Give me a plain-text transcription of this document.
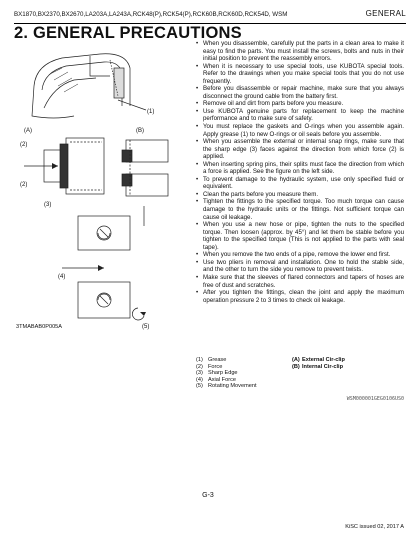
BX1870,BX2370,BX2670,LA203A,LA243A,RCK48(P),RCK54(P),RCK60B,RCK60D,RCK54D, WSM	GENERAL
2. GENERAL PRECAUTIONS
(1)
(A)	(B)
(2)
(2)
(3)
(4)
(5)
3TMABAB0P005A
• When you disassemble, carefully put the parts in a clean area to make it easy to find the parts. You must install the screws, bolts and nuts in their initial position to prevent the reassembly errors.
• When it is necessary to use special tools, use KUBOTA special tools. Refer to the drawings when you make special tools that you do not use frequently.
• Before you disassemble or repair machine, make sure that you always disconnect the ground cable from the battery first.
• Remove oil and dirt from parts before you measure.
• Use KUBOTA genuine parts for replacement to keep the machine performance and to make sure of safety.
• You must replace the gaskets and O-rings when you assemble again. Apply grease (1) to new O-rings or oil seals before you assemble.
• When you assemble the external or internal snap rings, make sure that the sharp edge (3) faces against the direction from which force (2) is applied.
• When inserting spring pins, their splits must face the direction from which a force is applied. See the figure on the left side.
• To prevent damage to the hydraulic system, use only specified fluid or equivalent.
• Clean the parts before you measure them.
• Tighten the fittings to the specified torque. Too much torque can cause damage to the hydraulic units or the fittings. Not sufficient torque can cause oil leakage.
• When you use a new hose or pipe, tighten the nuts to the specified torque. Then loosen (approx. by 45°) and let them be stable before you tighten to the specified torque (This is not applied to the parts with seal tape).
• When you remove the two ends of a pipe, remove the lower end first.
• Use two pliers in removal and installation. One to hold the stable side, and the other to turn the side you remove to prevent twists.
• Make sure that the sleeves of flared connectors and tapers of hoses are free of dust and scratches.
• After you tighten the fittings, clean the joint and apply the maximum operation pressure 2 to 3 times to check oil leakage.
(1) Grease
(2) Force
(3) Sharp Edge
(4) Axial Force
(5) Rotating Movement
(A) External Cir-clip
(B) Internal Cir-clip
WSM000001GEG0106US0
G-3
KiSC issued 02, 2017 A
